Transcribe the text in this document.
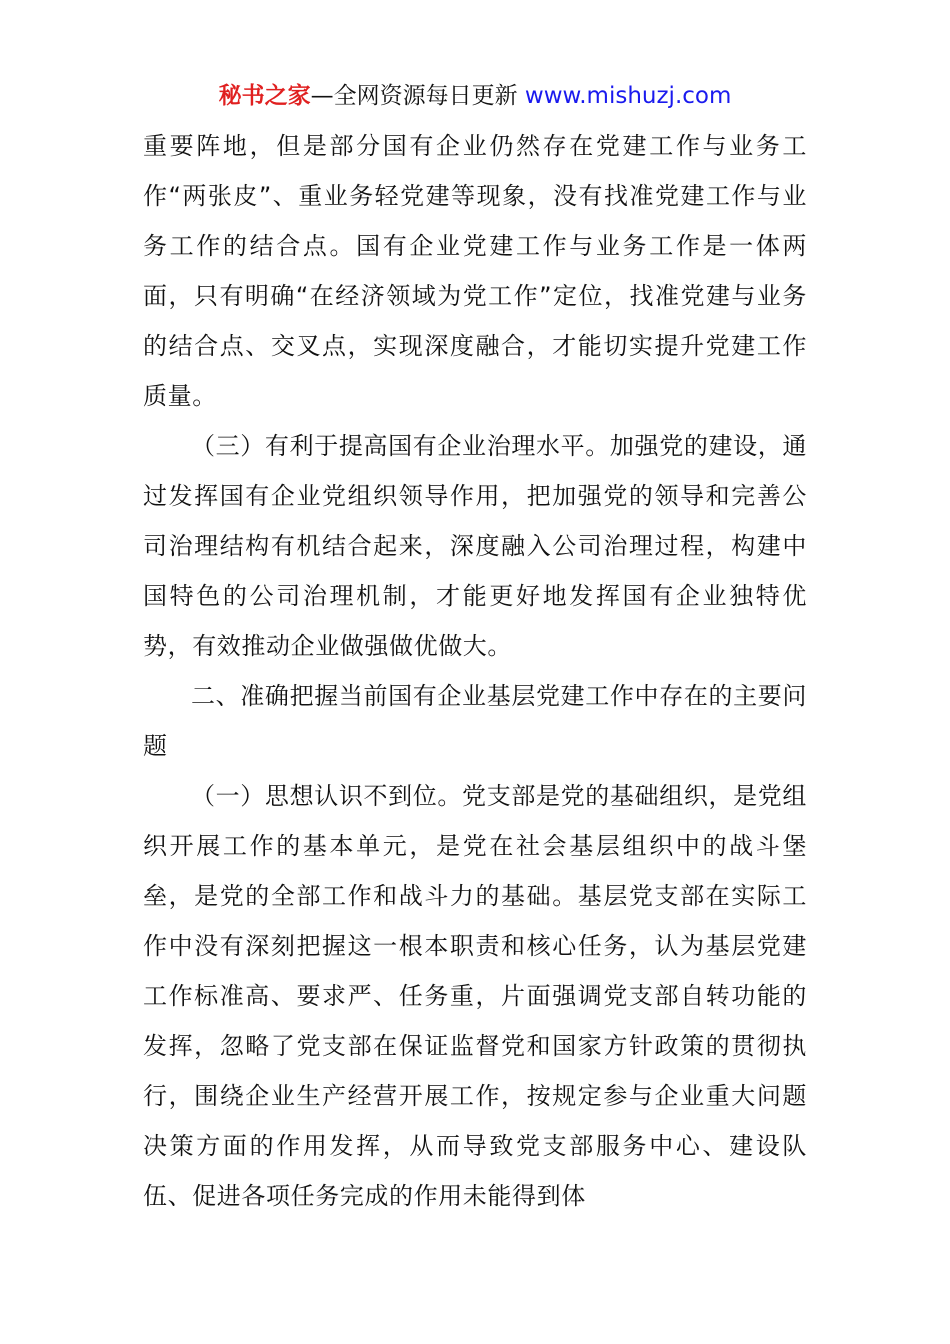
秘书之家—全网资源每日更新 www.mishuzj.com

重要阵地，但是部分国有企业仍然存在党建工作与业务工作“两张皮”、重业务轻党建等现象，没有找准党建工作与业务工作的结合点。国有企业党建工作与业务工作是一体两面，只有明确“在经济领域为党工作”定位，找准党建与业务的结合点、交叉点，实现深度融合，才能切实提升党建工作质量。

（三）有利于提高国有企业治理水平。加强党的建设，通过发挥国有企业党组织领导作用，把加强党的领导和完善公司治理结构有机结合起来，深度融入公司治理过程，构建中国特色的公司治理机制，才能更好地发挥国有企业独特优势，有效推动企业做强做优做大。

二、准确把握当前国有企业基层党建工作中存在的主要问题

（一）思想认识不到位。党支部是党的基础组织，是党组织开展工作的基本单元，是党在社会基层组织中的战斗堡垒，是党的全部工作和战斗力的基础。基层党支部在实际工作中没有深刻把握这一根本职责和核心任务，认为基层党建工作标准高、要求严、任务重，片面强调党支部自转功能的发挥，忽略了党支部在保证监督党和国家方针政策的贯彻执行，围绕企业生产经营开展工作，按规定参与企业重大问题决策方面的作用发挥，从而导致党支部服务中心、建设队伍、促进各项任务完成的作用未能得到体
